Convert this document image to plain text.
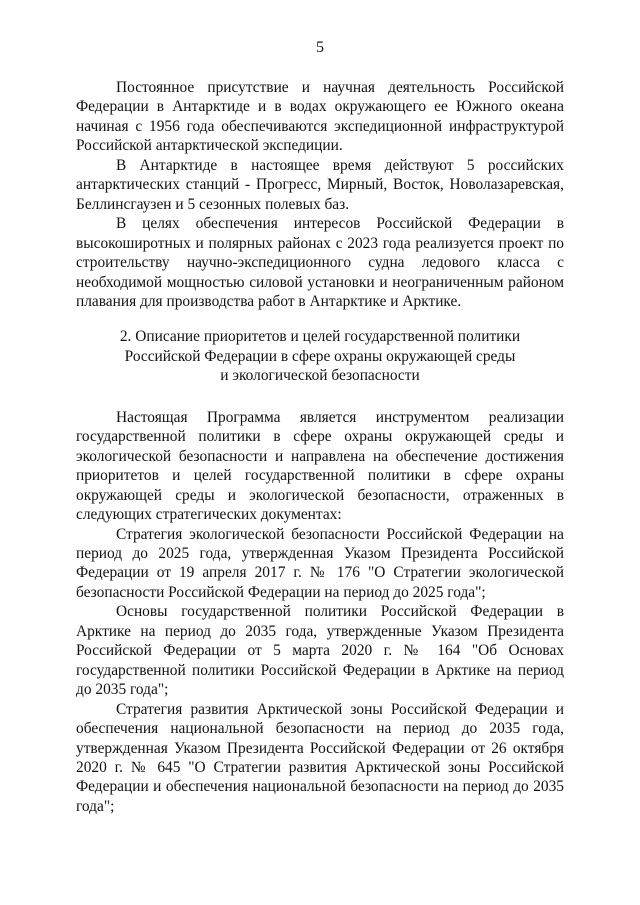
5

Постоянное присутствие и научная деятельность Российской Федерации в Антарктиде и в водах окружающего ее Южного океана начиная с 1956 года обеспечиваются экспедиционной инфраструктурой Российской антарктической экспедиции.

В Антарктиде в настоящее время действуют 5 российских антарктических станций - Прогресс, Мирный, Восток, Новолазаревская, Беллинсгаузен и 5 сезонных полевых баз.

В целях обеспечения интересов Российской Федерации в высокоширотных и полярных районах с 2023 года реализуется проект по строительству научно-экспедиционного судна ледового класса с необходимой мощностью силовой установки и неограниченным районом плавания для производства работ в Антарктике и Арктике.

2. Описание приоритетов и целей государственной политики
Российской Федерации в сфере охраны окружающей среды
и экологической безопасности

Настоящая Программа является инструментом реализации государственной политики в сфере охраны окружающей среды и экологической безопасности и направлена на обеспечение достижения приоритетов и целей государственной политики в сфере охраны окружающей среды и экологической безопасности, отраженных в следующих стратегических документах:

Стратегия экологической безопасности Российской Федерации на период до 2025 года, утвержденная Указом Президента Российской Федерации от 19 апреля 2017 г. № 176 "О Стратегии экологической безопасности Российской Федерации на период до 2025 года";

Основы государственной политики Российской Федерации в Арктике на период до 2035 года, утвержденные Указом Президента Российской Федерации от 5 марта 2020 г. № 164 "Об Основах государственной политики Российской Федерации в Арктике на период до 2035 года";

Стратегия развития Арктической зоны Российской Федерации и обеспечения национальной безопасности на период до 2035 года, утвержденная Указом Президента Российской Федерации от 26 октября 2020 г. № 645 "О Стратегии развития Арктической зоны Российской Федерации и обеспечения национальной безопасности на период до 2035 года";
